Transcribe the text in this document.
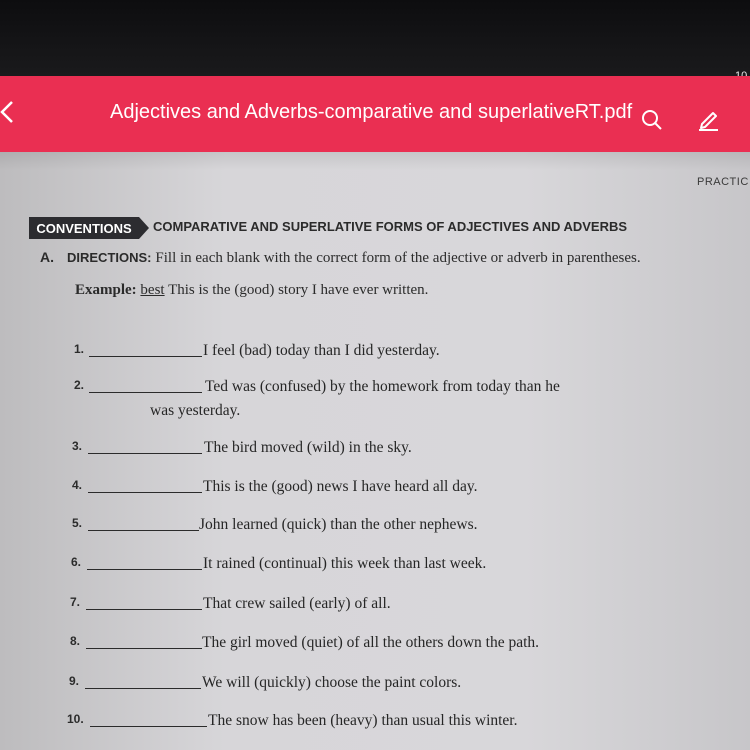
Adjectives and Adverbs-comparative and superlativeRT.pdf
PRACTIC
CONVENTIONS	COMPARATIVE AND SUPERLATIVE FORMS OF ADJECTIVES AND ADVERBS
A. DIRECTIONS: Fill in each blank with the correct form of the adjective or adverb in parentheses.
Example: best This is the (good) story I have ever written.
1.	I feel (bad) today than I did yesterday.
2.	Ted was (confused) by the homework from today than he
was yesterday.
3.	The bird moved (wild) in the sky.
4.	This is the (good) news I have heard all day.
5.	John learned (quick) than the other nephews.
6.	It rained (continual) this week than last week.
7.	That crew sailed (early) of all.
8.	The girl moved (quiet) of all the others down the path.
9.	We will (quickly) choose the paint colors.
10.	The snow has been (heavy) than usual this winter.
